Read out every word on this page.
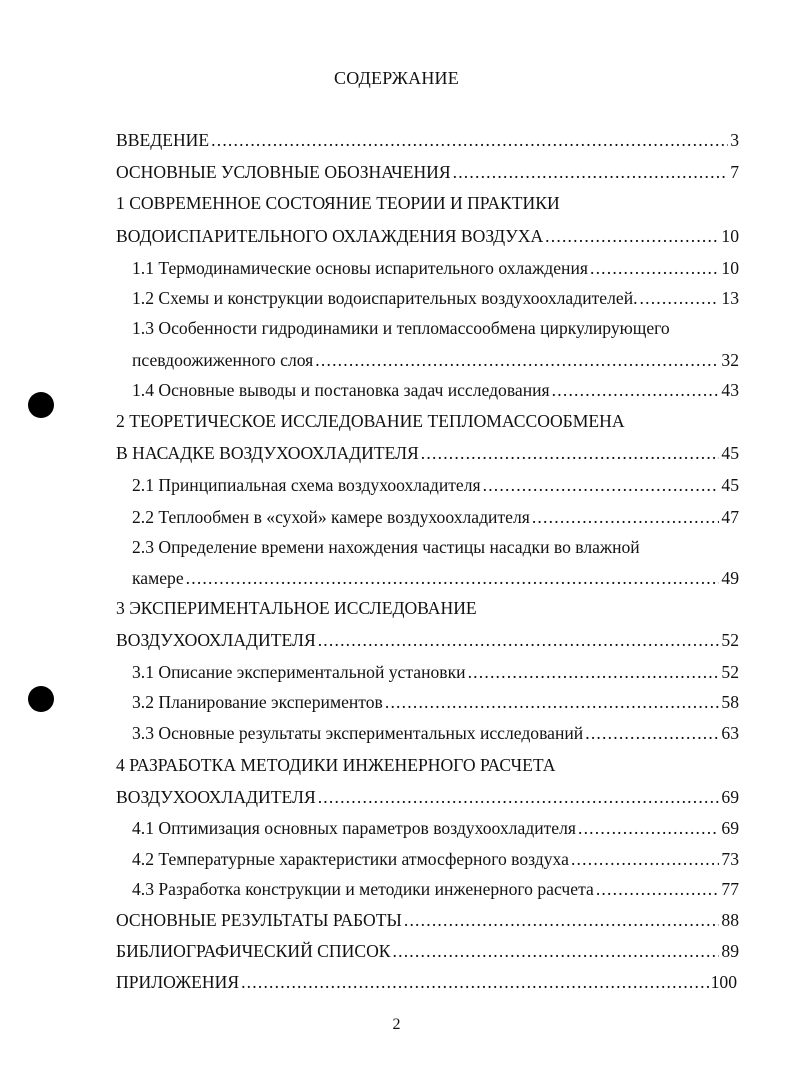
СОДЕРЖАНИЕ
ВВЕДЕНИЕ .....	3
ОСНОВНЫЕ УСЛОВНЫЕ ОБОЗНАЧЕНИЯ .....	7
1 СОВРЕМЕННОЕ СОСТОЯНИЕ ТЕОРИИ И ПРАКТИКИ
ВОДОИСПАРИТЕЛЬНОГО ОХЛАЖДЕНИЯ ВОЗДУХА .....	10
1.1 Термодинамические основы испарительного охлаждения .....	10
1.2 Схемы и конструкции водоиспарительных воздухоохладителей. .....	13
1.3 Особенности гидродинамики и тепломассообмена циркулирующего
псевдоожиженного слоя .....	32
1.4 Основные выводы и постановка задач исследования .....	43
2 ТЕОРЕТИЧЕСКОЕ ИССЛЕДОВАНИЕ ТЕПЛОМАССООБМЕНА
В НАСАДКЕ ВОЗДУХООХЛАДИТЕЛЯ .....	45
2.1 Принципиальная схема воздухоохладителя .....	45
2.2 Теплообмен в «сухой» камере воздухоохладителя .....	47
2.3 Определение времени нахождения частицы насадки во влажной
камере .....	49
3 ЭКСПЕРИМЕНТАЛЬНОЕ ИССЛЕДОВАНИЕ
ВОЗДУХООХЛАДИТЕЛЯ .....	52
3.1 Описание экспериментальной установки .....	52
3.2 Планирование экспериментов .....	58
3.3 Основные результаты экспериментальных исследований .....	63
4 РАЗРАБОТКА МЕТОДИКИ ИНЖЕНЕРНОГО РАСЧЕТА
ВОЗДУХООХЛАДИТЕЛЯ .....	69
4.1 Оптимизация основных параметров воздухоохладителя .....	69
4.2 Температурные характеристики атмосферного воздуха .....	73
4.3 Разработка конструкции и методики инженерного расчета .....	77
ОСНОВНЫЕ РЕЗУЛЬТАТЫ РАБОТЫ .....	88
БИБЛИОГРАФИЧЕСКИЙ СПИСОК .....	89
ПРИЛОЖЕНИЯ .....	100
2
